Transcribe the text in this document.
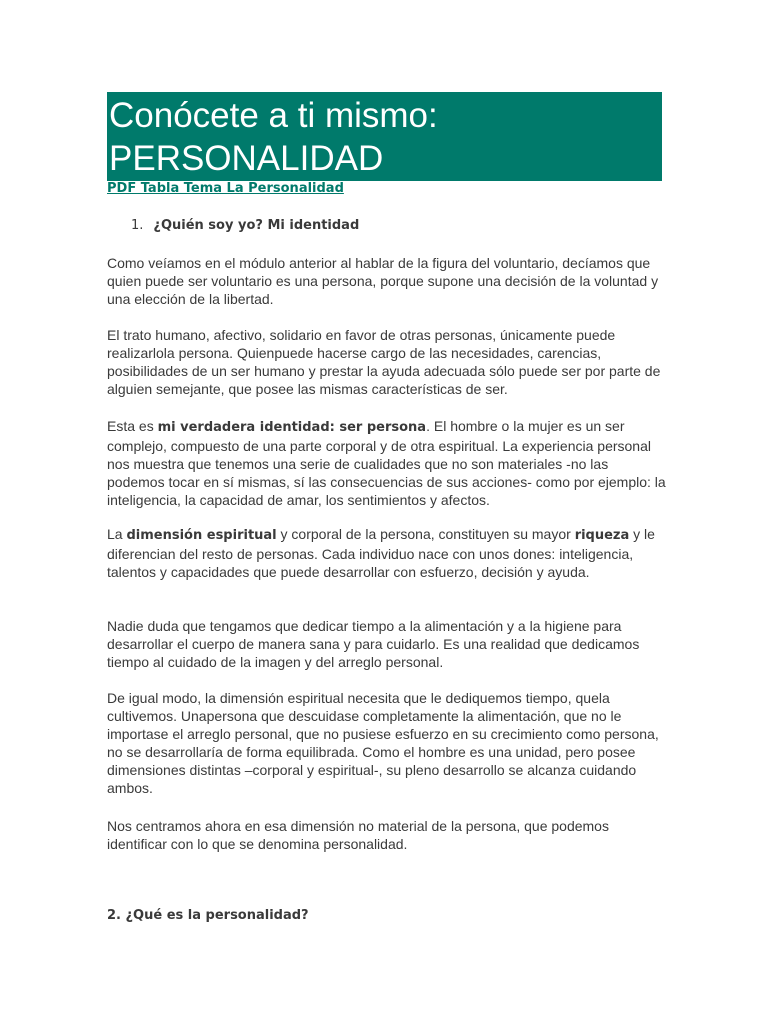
Conócete a ti mismo:

PERSONALIDAD

PDF Tabla Tema La Personalidad
1. ¿Quién soy yo? Mi identidad

Como veíamos en el módulo anterior al hablar de la figura del voluntario, decíamos que quien puede ser voluntario es una persona, porque supone una decisión de la voluntad y una elección de la libertad.

El trato humano, afectivo, solidario en favor de otras personas, únicamente puede realizarlola persona. Quienpuede hacerse cargo de las necesidades, carencias, posibilidades de un ser humano y prestar la ayuda adecuada sólo puede ser por parte de alguien semejante, que posee las mismas características de ser.

Esta es mi verdadera identidad: ser persona. El hombre o la mujer es un ser complejo, compuesto de una parte corporal y de otra espiritual. La experiencia personal nos muestra que tenemos una serie de cualidades que no son materiales -no las podemos tocar en sí mismas, sí las consecuencias de sus acciones- como por ejemplo: la inteligencia, la capacidad de amar, los sentimientos y afectos.

La dimensión espiritual y corporal de la persona, constituyen su mayor riqueza y le diferencian del resto de personas. Cada individuo nace con unos dones: inteligencia, talentos y capacidades que puede desarrollar con esfuerzo, decisión y ayuda.

Nadie duda que tengamos que dedicar tiempo a la alimentación y a la higiene para desarrollar el cuerpo de manera sana y para cuidarlo. Es una realidad que dedicamos tiempo al cuidado de la imagen y del arreglo personal.

De igual modo, la dimensión espiritual necesita que le dediquemos tiempo, quela cultivemos. Unapersona que descuidase completamente la alimentación, que no le importase el arreglo personal, que no pusiese esfuerzo en su crecimiento como persona, no se desarrollaría de forma equilibrada. Como el hombre es una unidad, pero posee dimensiones distintas –corporal y espiritual-, su pleno desarrollo se alcanza cuidando ambos.

Nos centramos ahora en esa dimensión no material de la persona, que podemos identificar con lo que se denomina personalidad.

2. ¿Qué es la personalidad?
